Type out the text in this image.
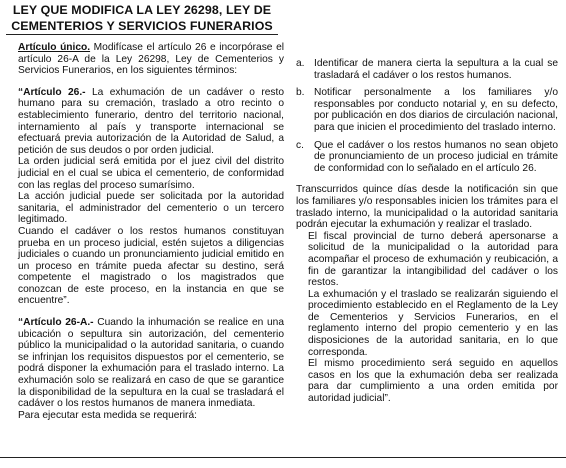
LEY QUE MODIFICA LA LEY 26298, LEY DE
CEMENTERIOS Y SERVICIOS FUNERARIOS

Artículo único. Modifícase el artículo 26 e incorpórase el artículo 26-A de la Ley 26298, Ley de Cementerios y Servicios Funerarios, en los siguientes términos:

“Artículo 26.- La exhumación de un cadáver o resto humano para su cremación, traslado a otro recinto o establecimiento funerario, dentro del territorio nacional, internamiento al país y transporte internacional se efectuará previa autorización de la Autoridad de Salud, a petición de sus deudos o por orden judicial.

La orden judicial será emitida por el juez civil del distrito judicial en el cual se ubica el cementerio, de conformidad con las reglas del proceso sumarísimo.

La acción judicial puede ser solicitada por la autoridad sanitaria, el administrador del cementerio o un tercero legitimado.

Cuando el cadáver o los restos humanos constituyan prueba en un proceso judicial, estén sujetos a diligencias judiciales o cuando un pronunciamiento judicial emitido en un proceso en trámite pueda afectar su destino, será competente el magistrado o los magistrados que conozcan de este proceso, en la instancia en que se encuentre”.

“Artículo 26-A.- Cuando la inhumación se realice en una ubicación o sepultura sin autorización, del cementerio público la municipalidad o la autoridad sanitaria, o cuando se infrinjan los requisitos dispuestos por el cementerio, se podrá disponer la exhumación para el traslado interno. La exhumación solo se realizará en caso de que se garantice la disponibilidad de la sepultura en la cual se trasladará el cadáver o los restos humanos de manera inmediata.

Para ejecutar esta medida se requerirá:

a. Identificar de manera cierta la sepultura a la cual se trasladará el cadáver o los restos humanos.
b. Notificar personalmente a los familiares y/o responsables por conducto notarial y, en su defecto, por publicación en dos diarios de circulación nacional, para que inicien el procedimiento del traslado interno.
c. Que el cadáver o los restos humanos no sean objeto de pronunciamiento de un proceso judicial en trámite de conformidad con lo señalado en el artículo 26.

Transcurridos quince días desde la notificación sin que los familiares y/o responsables inicien los trámites para el traslado interno, la municipalidad o la autoridad sanitaria podrán ejecutar la exhumación y realizar el traslado.

El fiscal provincial de turno deberá apersonarse a solicitud de la municipalidad o la autoridad para acompañar el proceso de exhumación y reubicación, a fin de garantizar la intangibilidad del cadáver o los restos.

La exhumación y el traslado se realizarán siguiendo el procedimiento establecido en el Reglamento de la Ley de Cementerios y Servicios Funerarios, en el reglamento interno del propio cementerio y en las disposiciones de la autoridad sanitaria, en lo que corresponda.

El mismo procedimiento será seguido en aquellos casos en los que la exhumación deba ser realizada para dar cumplimiento a una orden emitida por autoridad judicial”.
